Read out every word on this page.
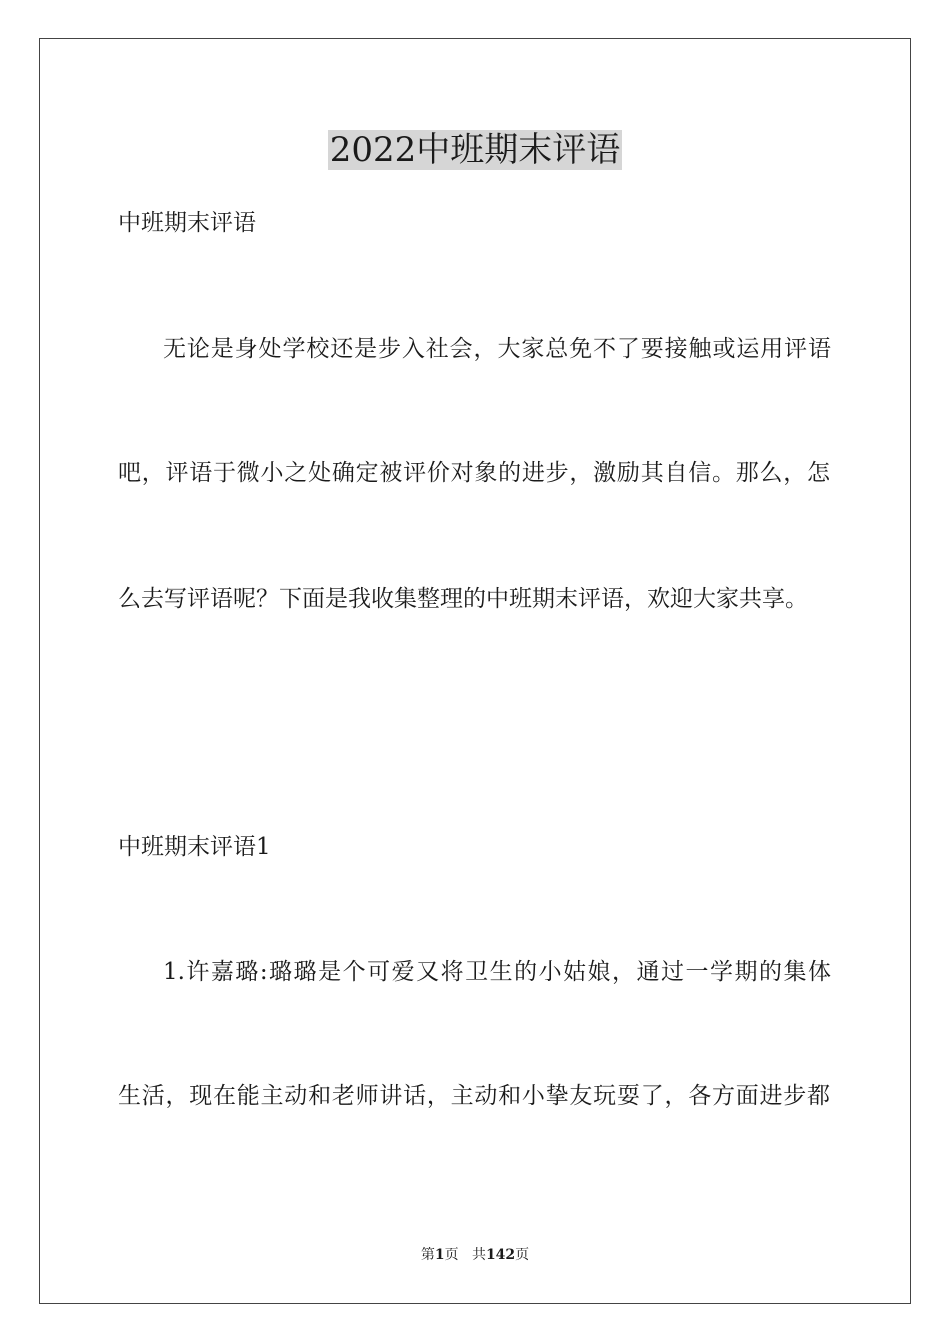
2022中班期末评语

中班期末评语

无论是身处学校还是步入社会，大家总免不了要接触或运用评语

吧，评语于微小之处确定被评价对象的进步，激励其自信。那么，怎

么去写评语呢？下面是我收集整理的中班期末评语，欢迎大家共享。

中班期末评语1

1.许嘉璐:璐璐是个可爱又将卫生的小姑娘，通过一学期的集体

生活，现在能主动和老师讲话，主动和小挚友玩耍了，各方面进步都

第1页 共142页
